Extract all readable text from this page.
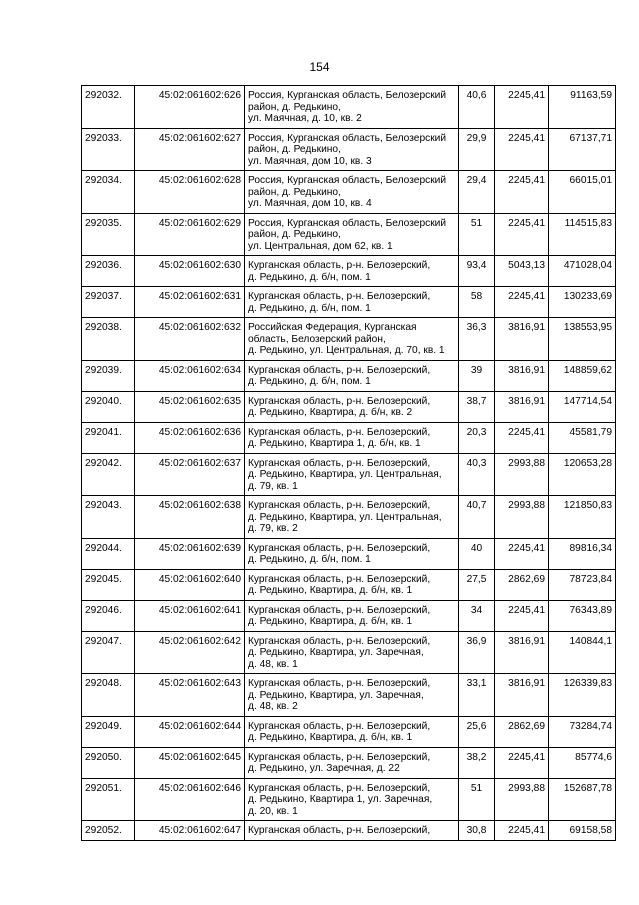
154
292032.	45:02:061602:626	Россия, Курганская область, Белозерский
район, д. Редькино,
ул. Маячная, д. 10, кв. 2	40,6	2245,41	91163,59
292033.	45:02:061602:627	Россия, Курганская область, Белозерский
район, д. Редькино,
ул. Маячная, дом 10, кв. 3	29,9	2245,41	67137,71
292034.	45:02:061602:628	Россия, Курганская область, Белозерский
район, д. Редькино,
ул. Маячная, дом 10, кв. 4	29,4	2245,41	66015,01
292035.	45:02:061602:629	Россия, Курганская область, Белозерский
район, д. Редькино,
ул. Центральная, дом 62, кв. 1	51	2245,41	114515,83
292036.	45:02:061602:630	Курганская область, р-н. Белозерский,
д. Редькино, д. б/н, пом. 1	93,4	5043,13	471028,04
292037.	45:02:061602:631	Курганская область, р-н. Белозерский,
д. Редькино, д. б/н, пом. 1	58	2245,41	130233,69
292038.	45:02:061602:632	Российская Федерация, Курганская
область, Белозерский район,
д. Редькино, ул. Центральная, д. 70, кв. 1	36,3	3816,91	138553,95
292039.	45:02:061602:634	Курганская область, р-н. Белозерский,
д. Редькино, д. б/н, пом. 1	39	3816,91	148859,62
292040.	45:02:061602:635	Курганская область, р-н. Белозерский,
д. Редькино, Квартира, д. б/н, кв. 2	38,7	3816,91	147714,54
292041.	45:02:061602:636	Курганская область, р-н. Белозерский,
д. Редькино, Квартира 1, д. б/н, кв. 1	20,3	2245,41	45581,79
292042.	45:02:061602:637	Курганская область, р-н. Белозерский,
д. Редькино, Квартира, ул. Центральная,
д. 79, кв. 1	40,3	2993,88	120653,28
292043.	45:02:061602:638	Курганская область, р-н. Белозерский,
д. Редькино, Квартира, ул. Центральная,
д. 79, кв. 2	40,7	2993,88	121850,83
292044.	45:02:061602:639	Курганская область, р-н. Белозерский,
д. Редькино, д. б/н, пом. 1	40	2245,41	89816,34
292045.	45:02:061602:640	Курганская область, р-н. Белозерский,
д. Редькино, Квартира, д. б/н, кв. 1	27,5	2862,69	78723,84
292046.	45:02:061602:641	Курганская область, р-н. Белозерский,
д. Редькино, Квартира, д. б/н, кв. 1	34	2245,41	76343,89
292047.	45:02:061602:642	Курганская область, р-н. Белозерский,
д. Редькино, Квартира, ул. Заречная,
д. 48, кв. 1	36,9	3816,91	140844,1
292048.	45:02:061602:643	Курганская область, р-н. Белозерский,
д. Редькино, Квартира, ул. Заречная,
д. 48, кв. 2	33,1	3816,91	126339,83
292049.	45:02:061602:644	Курганская область, р-н. Белозерский,
д. Редькино, Квартира, д. б/н, кв. 1	25,6	2862,69	73284,74
292050.	45:02:061602:645	Курганская область, р-н. Белозерский,
д. Редькино, ул. Заречная, д. 22	38,2	2245,41	85774,6
292051.	45:02:061602:646	Курганская область, р-н. Белозерский,
д. Редькино, Квартира 1, ул. Заречная,
д. 20, кв. 1	51	2993,88	152687,78
292052.	45:02:061602:647	Курганская область, р-н. Белозерский,	30,8	2245,41	69158,58
